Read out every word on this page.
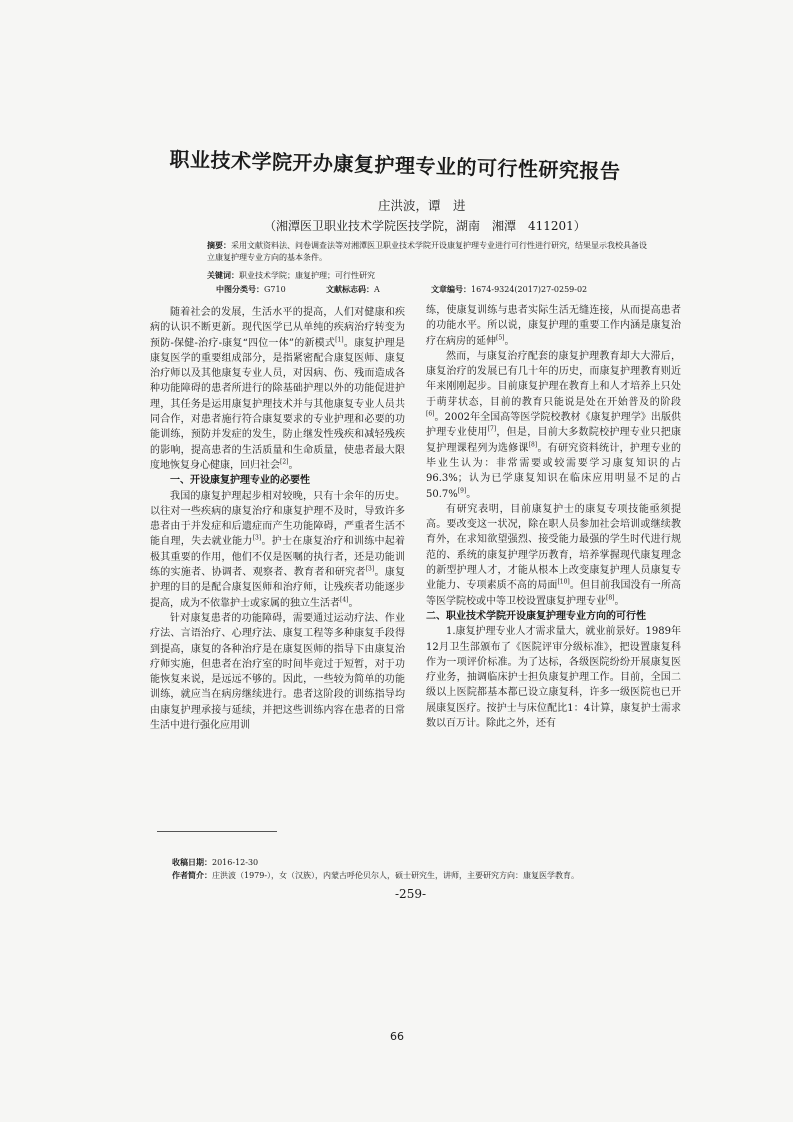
职业技术学院开办康复护理专业的可行性研究报告
庄洪波，谭　进
（湘潭医卫职业技术学院医技学院，湖南　湘潭　411201）
摘要：采用文献资料法、问卷调查法等对湘潭医卫职业技术学院开设康复护理专业进行可行性进行研究，结果显示我校具备设立康复护理专业方向的基本条件。
关键词：职业技术学院；康复护理；可行性研究
中图分类号：G710	文献标志码：A	文章编号：1674-9324(2017)27-0259-02

随着社会的发展，生活水平的提高，人们对健康和疾病的认识不断更新。现代医学已从单纯的疾病治疗转变为预防-保健-治疗-康复“四位一体”的新模式[1]。康复护理是康复医学的重要组成部分，是指紧密配合康复医师、康复治疗师以及其他康复专业人员，对因病、伤、残而造成各种功能障碍的患者所进行的除基础护理以外的功能促进护理，其任务是运用康复护理技术并与其他康复专业人员共同合作，对患者施行符合康复要求的专业护理和必要的功能训练，预防并发症的发生，防止继发性残疾和减轻残疾的影响，提高患者的生活质量和生命质量，使患者最大限度地恢复身心健康，回归社会[2]。

一、开设康复护理专业的必要性

我国的康复护理起步相对较晚，只有十余年的历史。以往对一些疾病的康复治疗和康复护理不及时，导致许多患者由于并发症和后遗症而产生功能障碍，严重者生活不能自理，失去就业能力[3]。护士在康复治疗和训练中起着极其重要的作用，他们不仅是医嘱的执行者，还是功能训练的实施者、协调者、观察者、教育者和研究者[3]。康复护理的目的是配合康复医师和治疗师，让残疾者功能逐步提高，成为不依靠护士或家属的独立生活者[4]。

针对康复患者的功能障碍，需要通过运动疗法、作业疗法、言语治疗、心理疗法、康复工程等多种康复手段得到提高，康复的各种治疗是在康复医师的指导下由康复治疗师实施，但患者在治疗室的时间毕竟过于短暂，对于功能恢复来说，是远远不够的。因此，一些较为简单的功能训练，就应当在病房继续进行。患者这阶段的训练指导均由康复护理承接与延续，并把这些训练内容在患者的日常生活中进行强化应用训

练，使康复训练与患者实际生活无缝连接，从而提高患者的功能水平。所以说，康复护理的重要工作内涵是康复治疗在病房的延伸[5]。

然而，与康复治疗配套的康复护理教育却大大滞后，康复治疗的发展已有几十年的历史，而康复护理教育则近年来刚刚起步。目前康复护理在教育上和人才培养上只处于萌芽状态，目前的教育只能说是处在开始普及的阶段[6]。2002年全国高等医学院校教材《康复护理学》出版供护理专业使用[7]，但是，目前大多数院校护理专业只把康复护理课程列为选修课[8]。有研究资料统计，护理专业的毕业生认为：非常需要或较需要学习康复知识的占96.3%；认为已学康复知识在临床应用明显不足的占50.7%[9]。

有研究表明，目前康复护士的康复专项技能亟须提高。要改变这一状况，除在职人员参加社会培训或继续教育外，在求知欲望强烈、接受能力最强的学生时代进行规范的、系统的康复护理学历教育，培养掌握现代康复理念的新型护理人才，才能从根本上改变康复护理人员康复专业能力、专项素质不高的局面[10]。但目前我国没有一所高等医学院校或中等卫校设置康复护理专业[8]。

二、职业技术学院开设康复护理专业方向的可行性

1.康复护理专业人才需求量大，就业前景好。1989年12月卫生部颁布了《医院评审分级标准》，把设置康复科作为一项评价标准。为了达标，各级医院纷纷开展康复医疗业务，抽调临床护士担负康复护理工作。目前，全国二级以上医院都基本都已设立康复科，许多一级医院也已开展康复医疗。按护士与床位配比1：4计算，康复护士需求数以百万计。除此之外，还有

收稿日期：2016-12-30
作者简介：庄洪波（1979-），女（汉族），内蒙古呼伦贝尔人，硕士研究生，讲师，主要研究方向：康复医学教育。
-259-
66
